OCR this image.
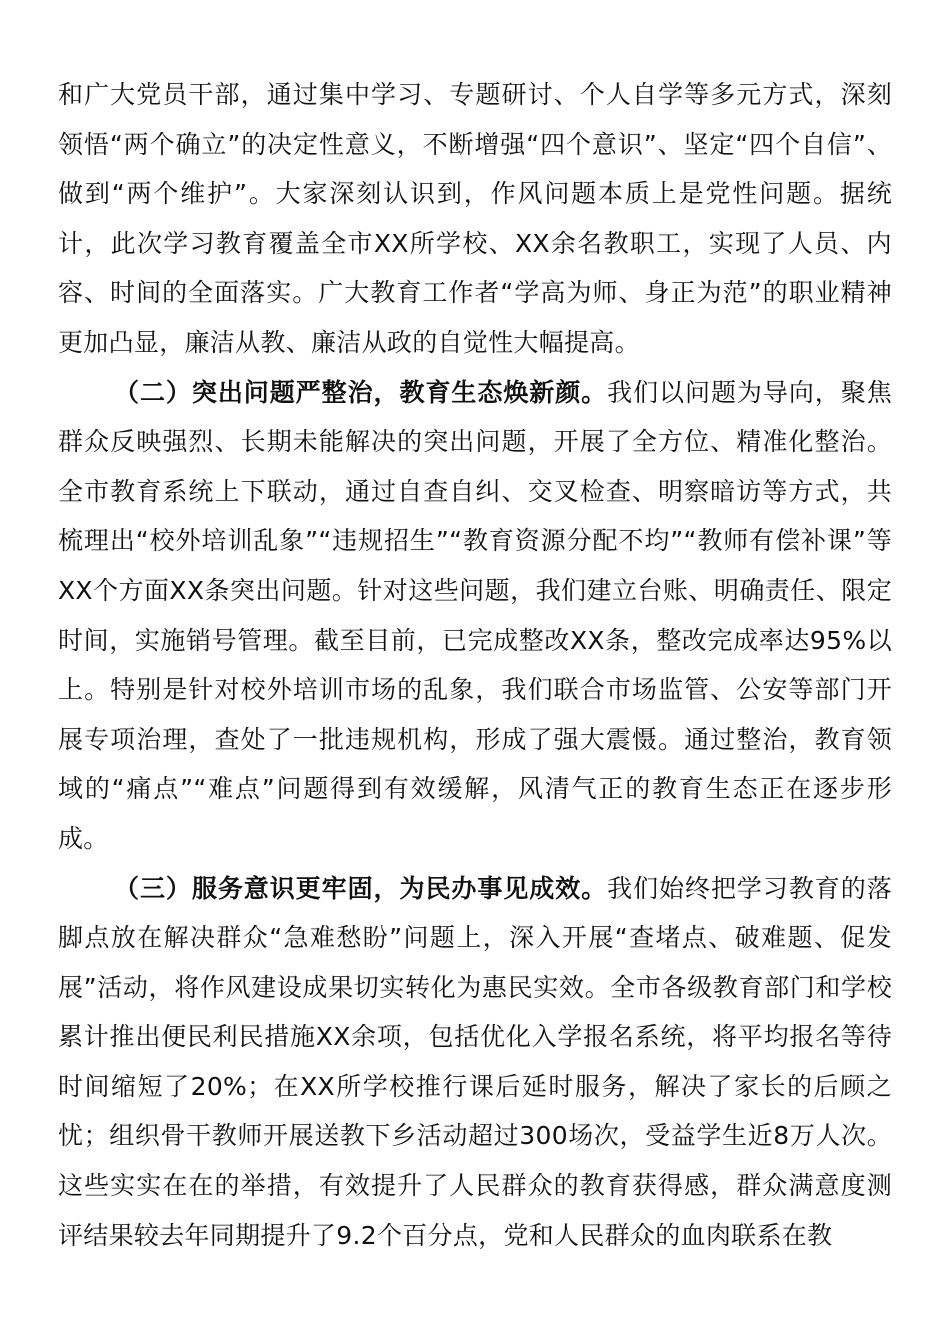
和广大党员干部，通过集中学习、专题研讨、个人自学等多元方式，深刻领悟“两个确立”的决定性意义，不断增强“四个意识”、坚定“四个自信”、做到“两个维护”。大家深刻认识到，作风问题本质上是党性问题。据统计，此次学习教育覆盖全市XX所学校、XX余名教职工，实现了人员、内容、时间的全面落实。广大教育工作者“学高为师、身正为范”的职业精神更加凸显，廉洁从教、廉洁从政的自觉性大幅提高。

（二）突出问题严整治，教育生态焕新颜。我们以问题为导向，聚焦群众反映强烈、长期未能解决的突出问题，开展了全方位、精准化整治。全市教育系统上下联动，通过自查自纠、交叉检查、明察暗访等方式，共梳理出“校外培训乱象”“违规招生”“教育资源分配不均”“教师有偿补课”等XX个方面XX条突出问题。针对这些问题，我们建立台账、明确责任、限定时间，实施销号管理。截至目前，已完成整改XX条，整改完成率达95%以上。特别是针对校外培训市场的乱象，我们联合市场监管、公安等部门开展专项治理，查处了一批违规机构，形成了强大震慑。通过整治，教育领域的“痛点”“难点”问题得到有效缓解，风清气正的教育生态正在逐步形成。

（三）服务意识更牢固，为民办事见成效。我们始终把学习教育的落脚点放在解决群众“急难愁盼”问题上，深入开展“查堵点、破难题、促发展”活动，将作风建设成果切实转化为惠民实效。全市各级教育部门和学校累计推出便民利民措施XX余项，包括优化入学报名系统，将平均报名等待时间缩短了20%；在XX所学校推行课后延时服务，解决了家长的后顾之忧；组织骨干教师开展送教下乡活动超过300场次，受益学生近8万人次。这些实实在在的举措，有效提升了人民群众的教育获得感，群众满意度测评结果较去年同期提升了9.2个百分点，党和人民群众的血肉联系在教
